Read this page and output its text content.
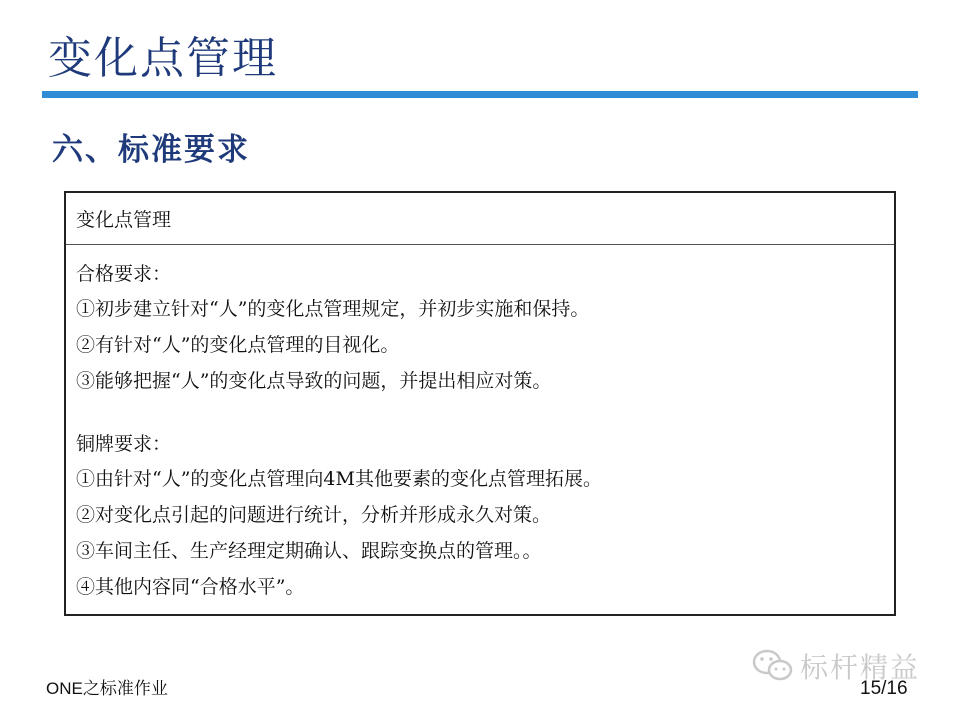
变化点管理
六、标准要求
变化点管理
合格要求：
①初步建立针对“人”的变化点管理规定，并初步实施和保持。
②有针对“人”的变化点管理的目视化。
③能够把握“人”的变化点导致的问题，并提出相应对策。
铜牌要求：
①由针对“人”的变化点管理向4M其他要素的变化点管理拓展。
②对变化点引起的问题进行统计，分析并形成永久对策。
③车间主任、生产经理定期确认、跟踪变换点的管理。。
④其他内容同“合格水平”。
标杆精益
ONE之标准作业	15/16
